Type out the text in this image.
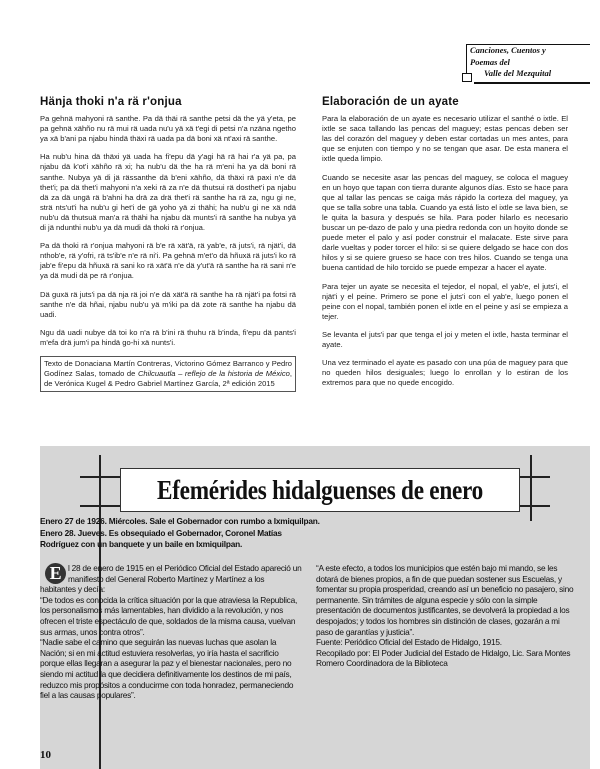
Canciones, Cuentos y
Poemas del
Valle del Mezquital
Hänja thoki n'a rä r'onjua

Pa gehnä mahyoni rä santhe. Pa dä thäi rä santhe petsi dä the yä y'eta, pe pa gehnä xähño nu rä mui rä uada nu'u yä xä t'egi di petsi n'a nzäna ngetho ya xä b'ani pa njabu hindä thäxi rä uada pa dä boni xä nt'axi rä santhe.

Ha nub'u hina dä thäxi yä uada ha fi'epu dä y'agi hä rä hai r'a yä pa, pa njabu dä k'ot'i xähño rä xi; ha nub'u dä the ha rä m'eni ha ya dä boni rä santhe. Nubya yä di jä rässanthe dä b'eni xähño, dä thäxi rä paxi n'e dä thet'i; pa dä thet'i mahyoni n'a xeki rä za n'e dä thutsui rä dosthet'i pa njabu dä za dä ungä rä b'ahni ha drä za drä thet'i rä santhe ha rä za, ngu gi ne, strä nts'ut'i ha nub'u gi het'i de gä yoho yä zi thähi; ha nub'u gi ne xä ndä nub'u dä thutsuä man'a rä thähi ha njabu dä munts'i rä santhe ha nubya yä di jä ndunthi nub'u ya dä mudi dä thoki rä r'onjua.

Pa dä thoki rä r'onjua mahyoni rä b'e rä xät'ä, rä yab'e, rä juts'i, rä njät'i, dä nthob'e, rä y'ofri, rä ts'ib'e n'e rä ni'i. Pa gehnä m'et'o dä hñuxä rä juts'i ko rä jab'e fi'epu dä hñuxä rä sani ko rä xät'ä n'e dä y'ut'ä rä santhe ha rä sani n'e ya dä mudi dä pe rä r'onjua.

Dä guxä rä juts'i pa dä nja rä joi n'e dä xät'ä rä santhe ha rä njät'i pa fotsi rä santhe n'e dä hñai, njabu nub'u yä m'iki pa dä zote rä santhe ha njabu dä uadi.

Ngu dä uadi nubye dä toi ko n'a rä b'ini rä thuhu rä b'inda, fi'epu dä pants'i m'efa drä jum'i pa hindä go-hi xä nunts'i.

Texto de Donaciana Martín Contreras, Victorino Gómez Barranco y Pedro Godínez Salas, tomado de Chilcuautla – reflejo de la historia de México, de Verónica Kugel & Pedro Gabriel Martínez García, 2ª edición 2015
Elaboración de un ayate

Para la elaboración de un ayate es necesario utilizar el santhé o ixtle. El ixtle se saca tallando las pencas del maguey; estas pencas deben ser las del corazón del maguey y deben estar cortadas un mes antes, para que se enjuten con tiempo y no se tengan que asar. De esta manera el ixtle queda limpio.

Cuando se necesite asar las pencas del maguey, se coloca el maguey en un hoyo que tapan con tierra durante algunos días. Esto se hace para que al tallar las pencas se caiga más rápido la corteza del maguey, ya que se talla sobre una tabla. Cuando ya está listo el ixtle se lava bien, se le quita la basura y después se hila. Para poder hilarlo es necesario buscar un pe-dazo de palo y una piedra redonda con un hoyito donde se puede meter el palo y así poder construir el malacate. Este sirve para darle vueltas y poder torcer el hilo: si se quiere delgado se hace con dos hilos y si se quiere grueso se hace con tres hilos. Cuando se tenga una buena cantidad de hilo torcido se puede empezar a hacer el ayate.

Para tejer un ayate se necesita el tejedor, el nopal, el yab'e, el juts'i, el njät'i y el peine. Primero se pone el juts'i con el yab'e, luego ponen el peine con el nopal, también ponen el ixtle en el peine y así se empieza a tejer.

Se levanta el juts'i par que tenga el joi y meten el ixtle, hasta terminar el ayate.

Una vez terminado el ayate es pasado con una púa de maguey para que no queden hilos desiguales; luego lo enrollan y lo estiran de los extremos para que no quede encogido.

Efemérides hidalguenses de enero
Enero 27 de 1926. Miércoles. Sale el Gobernador con rumbo a Ixmiquilpan.
Enero 28. Jueves. Es obsequiado el Gobernador, Coronel Matías
Rodríguez con un banquete y un baile en Ixmiquilpan.
E l 28 de enero de 1915 en el Periódico Oficial del Estado apareció un manifiesto del General Roberto Martínez y Martínez a los habitantes y decía:

“De todos es conocida la crítica situación por la que atraviesa la Republica, los personalismos más lamentables, han dividido a la revolución, y nos ofrecen el triste espectáculo de que, soldados de la misma causa, vuelvan sus armas, unos contra otros”.

“Nadie sabe el camino que seguirán las nuevas luchas que asolan la Nación; si en mi actitud estuviera resolverlas, yo iría hasta el sacrificio porque ellas llegaran a asegurar la paz y el bienestar nacionales, pero no siendo mi actitud la que decidiera definitivamente los destinos de mi país, reduzco mis propósitos a conducirme con toda honradez, permaneciendo fiel a las causas populares”.

“A este efecto, a todos los municipios que estén bajo mi mando, se les dotará de bienes propios, a fin de que puedan sostener sus Escuelas, y fomentar su propia prosperidad, creando así un beneficio no pasajero, sino permanente. Sin trámites de alguna especie y sólo con la simple presentación de documentos justificantes, se devolverá la propiedad a los despojados; y todos los hombres sin distinción de clases, gozarán a mi paso de garantías y justicia”.

Fuente: Periódico Oficial del Estado de Hidalgo, 1915.

Recopilado por: El Poder Judicial del Estado de Hidalgo, Lic. Sara Montes Romero Coordinadora de la Biblioteca

10
